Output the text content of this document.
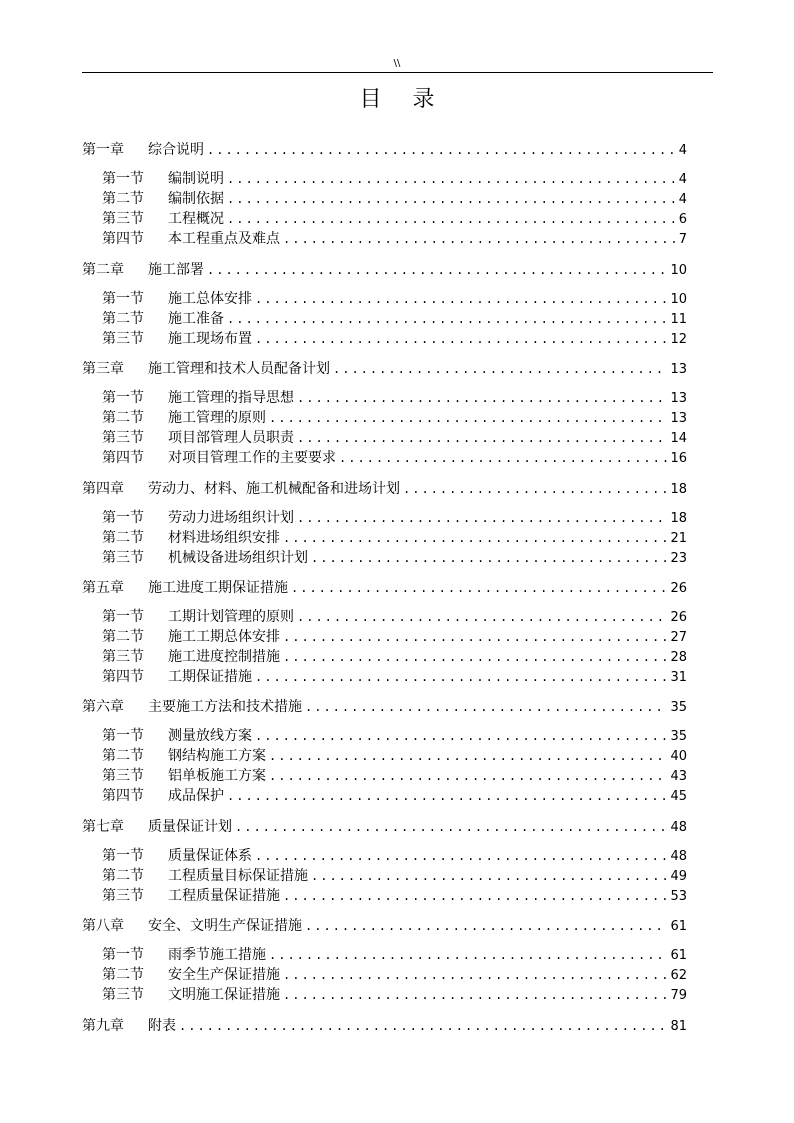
\\
目 录
第一章	综合说明 .....	4
第一节	编制说明 .....	4
第二节	编制依据 .....	4
第三节	工程概况 .....	6
第四节	本工程重点及难点 .....	7
第二章	施工部署 .....	10
第一节	施工总体安排 .....	10
第二节	施工准备 .....	11
第三节	施工现场布置 .....	12
第三章	施工管理和技术人员配备计划 .....	13
第一节	施工管理的指导思想 .....	13
第二节	施工管理的原则 .....	13
第三节	项目部管理人员职责 .....	14
第四节	对项目管理工作的主要要求 .....	16
第四章	劳动力、材料、施工机械配备和进场计划 .....	18
第一节	劳动力进场组织计划 .....	18
第二节	材料进场组织安排 .....	21
第三节	机械设备进场组织计划 .....	23
第五章	施工进度工期保证措施 .....	26
第一节	工期计划管理的原则 .....	26
第二节	施工工期总体安排 .....	27
第三节	施工进度控制措施 .....	28
第四节	工期保证措施 .....	31
第六章	主要施工方法和技术措施 .....	35
第一节	测量放线方案 .....	35
第二节	钢结构施工方案 .....	40
第三节	铝单板施工方案 .....	43
第四节	成品保护 .....	45
第七章	质量保证计划 .....	48
第一节	质量保证体系 .....	48
第二节	工程质量目标保证措施 .....	49
第三节	工程质量保证措施 .....	53
第八章	安全、文明生产保证措施 .....	61
第一节	雨季节施工措施 .....	61
第二节	安全生产保证措施 .....	62
第三节	文明施工保证措施 .....	79
第九章	附表 .....	81
